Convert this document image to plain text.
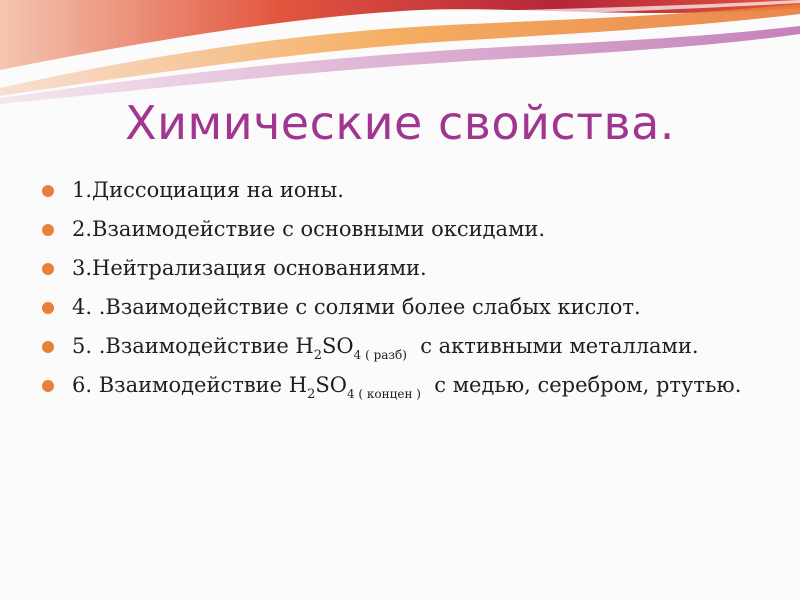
Химические свойства.
1.Диссоциация на ионы.
2.Взаимодействие с основными оксидами.
3.Нейтрализация основаниями.
4. .Взаимодействие с солями более слабых кислот.
5. .Взаимодействие $H_2SO_{4 ( разб)}$  с активными металлами.
6. Взаимодействие $H_2SO_{4 ( концен )}$  с медью, серебром, ртутью.
